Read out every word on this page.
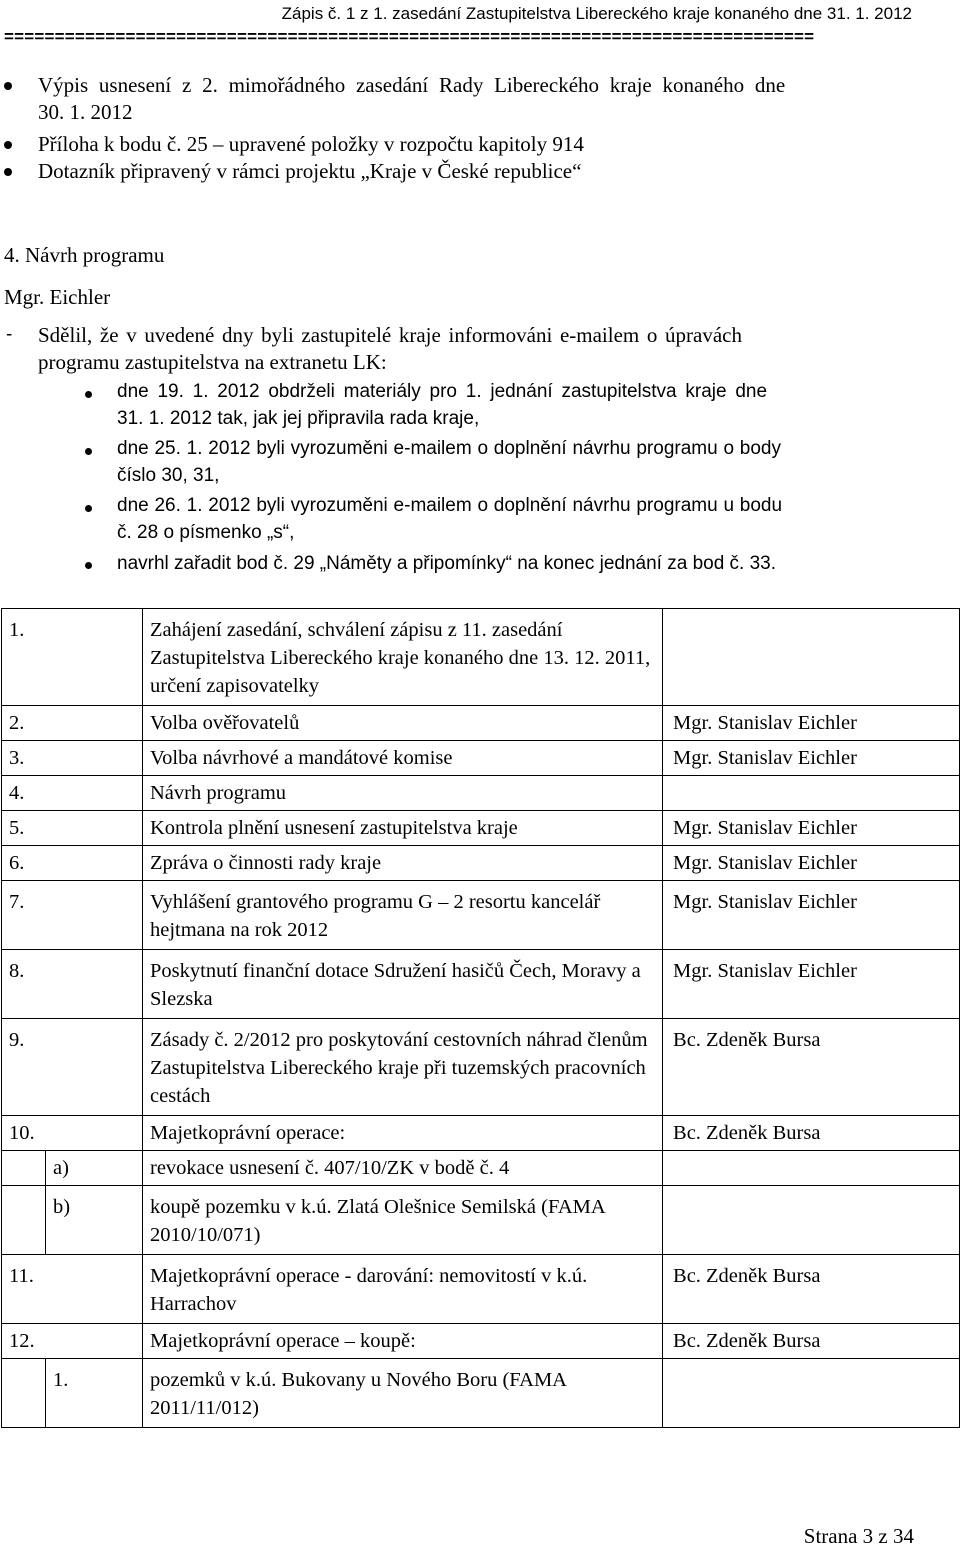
Zápis č. 1 z 1. zasedání Zastupitelstva Libereckého kraje konaného dne 31. 1. 2012
================================================================================
Výpis usnesení z 2. mimořádného zasedání Rady Libereckého kraje konaného dne
30. 1. 2012
Příloha k bodu č. 25 – upravené položky v rozpočtu kapitoly 914
Dotazník připravený v rámci projektu „Kraje v České republice“
4. Návrh programu
Mgr. Eichler
- Sdělil, že v uvedené dny byli zastupitelé kraje informováni e-mailem o úpravách
programu zastupitelstva na extranetu LK:
dne 19. 1. 2012 obdrželi materiály pro 1. jednání zastupitelstva kraje dne
31. 1. 2012 tak, jak jej připravila rada kraje,
dne 25. 1. 2012 byli vyrozuměni e-mailem o doplnění návrhu programu o body
číslo 30, 31,
dne 26. 1. 2012 byli vyrozuměni e-mailem o doplnění návrhu programu u bodu
č. 28 o písmenko „s“,
navrhl zařadit bod č. 29 „Náměty a připomínky“ na konec jednání za bod č. 33.
1.		Zahájení zasedání, schválení zápisu z 11. zasedání Zastupitelstva Libereckého kraje konaného dne 13. 12. 2011, určení zapisovatelky	
2.		Volba ověřovatelů	Mgr. Stanislav Eichler
3.		Volba návrhové a mandátové komise	Mgr. Stanislav Eichler
4.		Návrh programu	
5.		Kontrola plnění usnesení zastupitelstva kraje	Mgr. Stanislav Eichler
6.		Zpráva o činnosti rady kraje	Mgr. Stanislav Eichler
7.		Vyhlášení grantového programu G – 2 resortu kancelář hejtmana na rok 2012	Mgr. Stanislav Eichler
8.		Poskytnutí finanční dotace Sdružení hasičů Čech, Moravy a Slezska	Mgr. Stanislav Eichler
9.		Zásady č. 2/2012 pro poskytování cestovních náhrad členům Zastupitelstva Libereckého kraje při tuzemských pracovních cestách	Bc. Zdeněk Bursa
10.		Majetkoprávní operace:	Bc. Zdeněk Bursa
	a)	revokace usnesení č. 407/10/ZK v bodě č. 4	
	b)	koupě pozemku v k.ú. Zlatá Olešnice Semilská (FAMA 2010/10/071)	
11.		Majetkoprávní operace - darování: nemovitostí v k.ú. Harrachov	Bc. Zdeněk Bursa
12.		Majetkoprávní operace – koupě:	Bc. Zdeněk Bursa
	1.	pozemků v k.ú. Bukovany u Nového Boru (FAMA 2011/11/012)	
Strana 3 z 34
